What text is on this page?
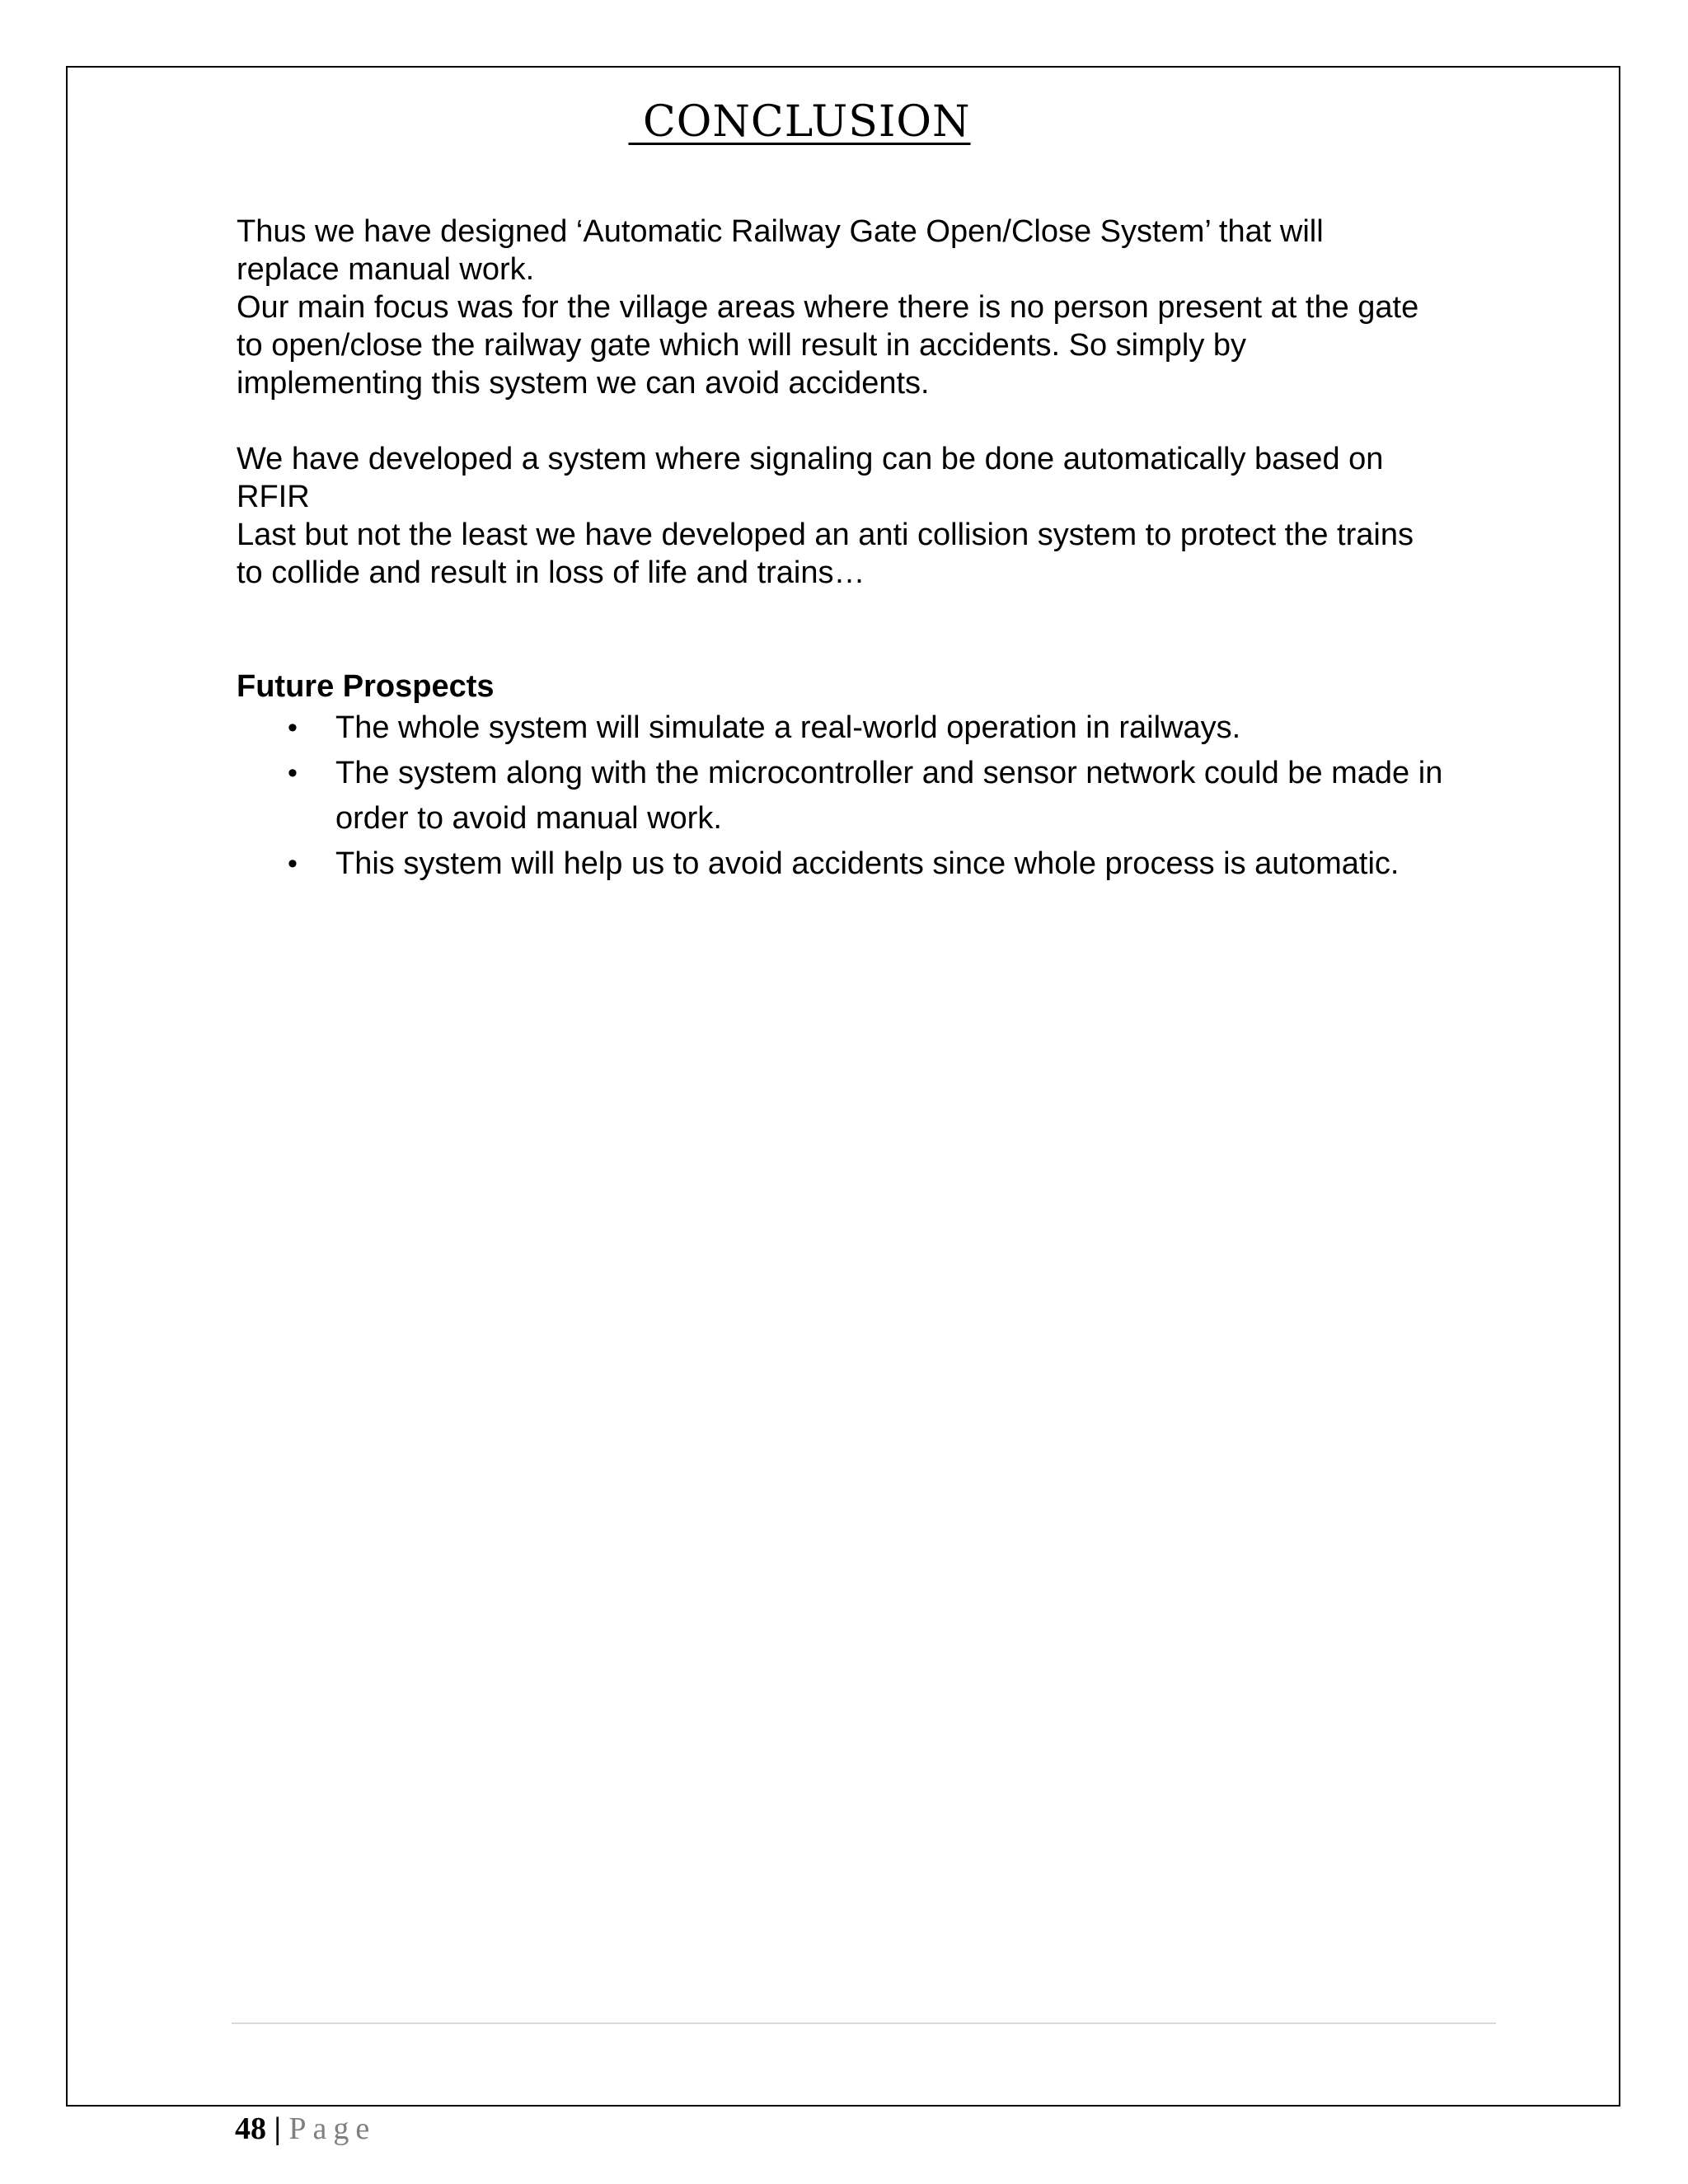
CONCLUSION

Thus we have designed ‘Automatic Railway Gate Open/Close System’ that will

replace manual work.

Our main focus was for the village areas where there is no person present at the gate

to open/close the railway gate which will result in accidents. So simply by

implementing this system we can avoid accidents.

We have developed a system where signaling can be done automatically based on

RFIR

Last but not the least we have developed an anti collision system to protect the trains

to collide and result in loss of life and trains…

Future Prospects

• The whole system will simulate a real-world operation in railways.
• The system along with the microcontroller and sensor network could be made in order to avoid manual work.
• This system will help us to avoid accidents since whole process is automatic.
48 | Page
